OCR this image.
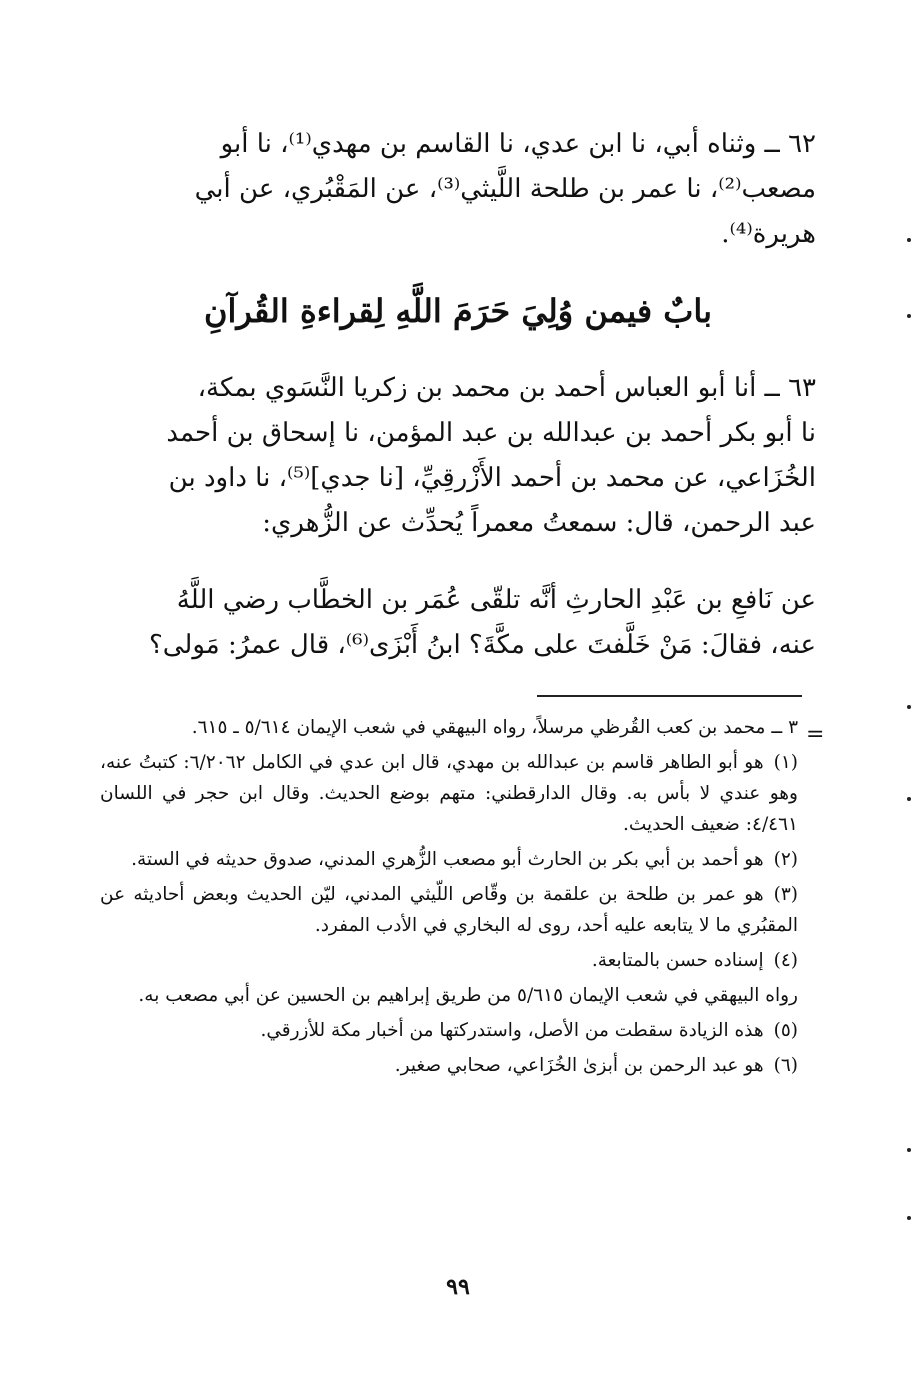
٦٢ ــ وثناه أبي، نا ابن عدي، نا القاسم بن مهدي⁽¹⁾، نا أبو

مصعب⁽²⁾، نا عمر بن طلحة اللَّيثي⁽³⁾، عن المَقْبُري، عن أبي

هريرة⁽⁴⁾.

بابٌ فيمن وُلِيَ حَرَمَ اللَّهِ لِقراءةِ القُرآنِ

٦٣ ــ أنا أبو العباس أحمد بن محمد بن زكريا النَّسَوي بمكة،

نا أبو بكر أحمد بن عبدالله بن عبد المؤمن، نا إسحاق بن أحمد

الخُزَاعي، عن محمد بن أحمد الأَزْرقِيِّ، [نا جدي]⁽⁵⁾، نا داود بن

عبد الرحمن، قال: سمعتُ معمراً يُحدِّث عن الزُّهري:

عن نَافعِ بن عَبْدِ الحارثِ أنَّه تلقّى عُمَر بن الخطَّاب رضي اللَّهُ

عنه، فقالَ: مَنْ خَلَّفتَ على مكَّةَ؟ ابنُ أَبْزَى⁽⁶⁾، قال عمرُ: مَولى؟

=

٣ ــ محمد بن كعب القُرظي مرسلاً، رواه البيهقي في شعب الإيمان ٥/٦١٤ ـ ٦١٥.

(١)هو أبو الطاهر قاسم بن عبدالله بن مهدي، قال ابن عدي في الكامل ٦/٢٠٦٢: كتبتُ عنه، وهو عندي لا بأس به. وقال الدارقطني: متهم بوضع الحديث. وقال ابن حجر في اللسان ٤/٤٦١: ضعيف الحديث.

(٢)هو أحمد بن أبي بكر بن الحارث أبو مصعب الزُّهري المدني، صدوق حديثه في الستة.

(٣)هو عمر بن طلحة بن علقمة بن وقّاص اللّيثي المدني، ليّن الحديث وبعض أحاديثه عن المقبُري ما لا يتابعه عليه أحد، روى له البخاري في الأدب المفرد.

(٤)إسناده حسن بالمتابعة.

رواه البيهقي في شعب الإيمان ٥/٦١٥ من طريق إبراهيم بن الحسين عن أبي مصعب به.

(٥)هذه الزيادة سقطت من الأصل، واستدركتها من أخبار مكة للأزرقي.

(٦)هو عبد الرحمن بن أبزىٰ الخُزَاعي، صحابي صغير.

٩٩
